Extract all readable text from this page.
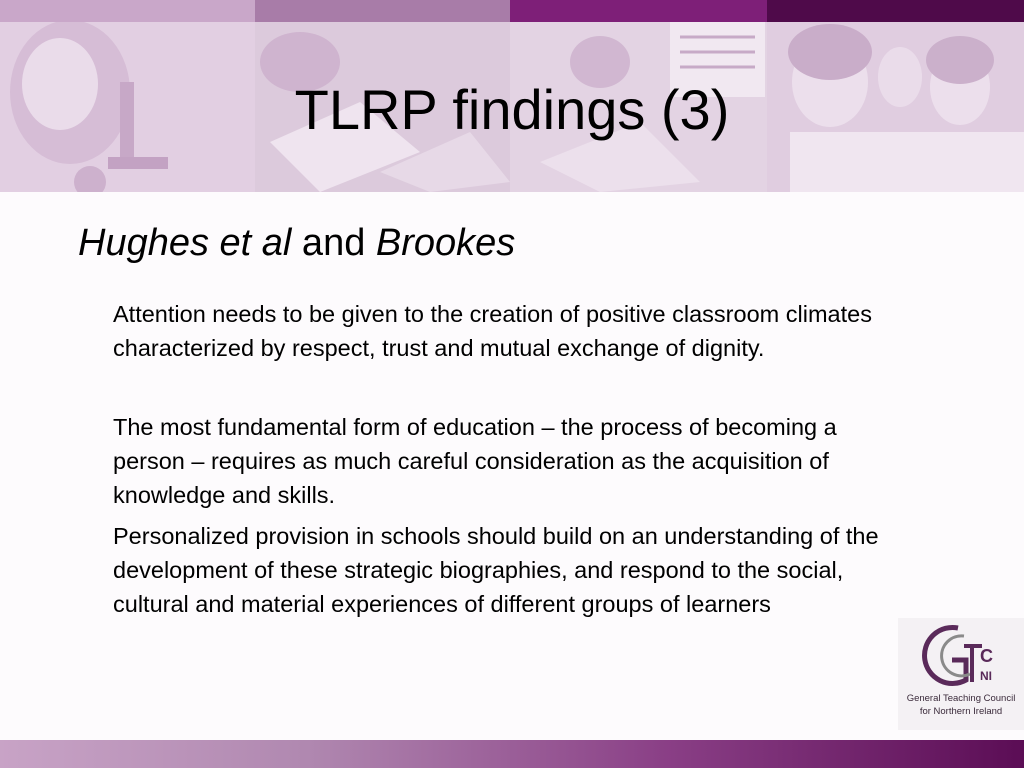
TLRP findings (3)
Hughes et al and Brookes

Attention needs to be given to the creation of positive classroom climates characterized by respect, trust and mutual exchange of dignity.

The most fundamental form of education – the process of becoming a person – requires as much careful consideration as the acquisition of knowledge and skills.

Personalized provision in schools should build on an understanding of the development of these strategic biographies, and respond to the social, cultural and material experiences of different groups of learners

C
NI
General Teaching Council
for Northern Ireland
